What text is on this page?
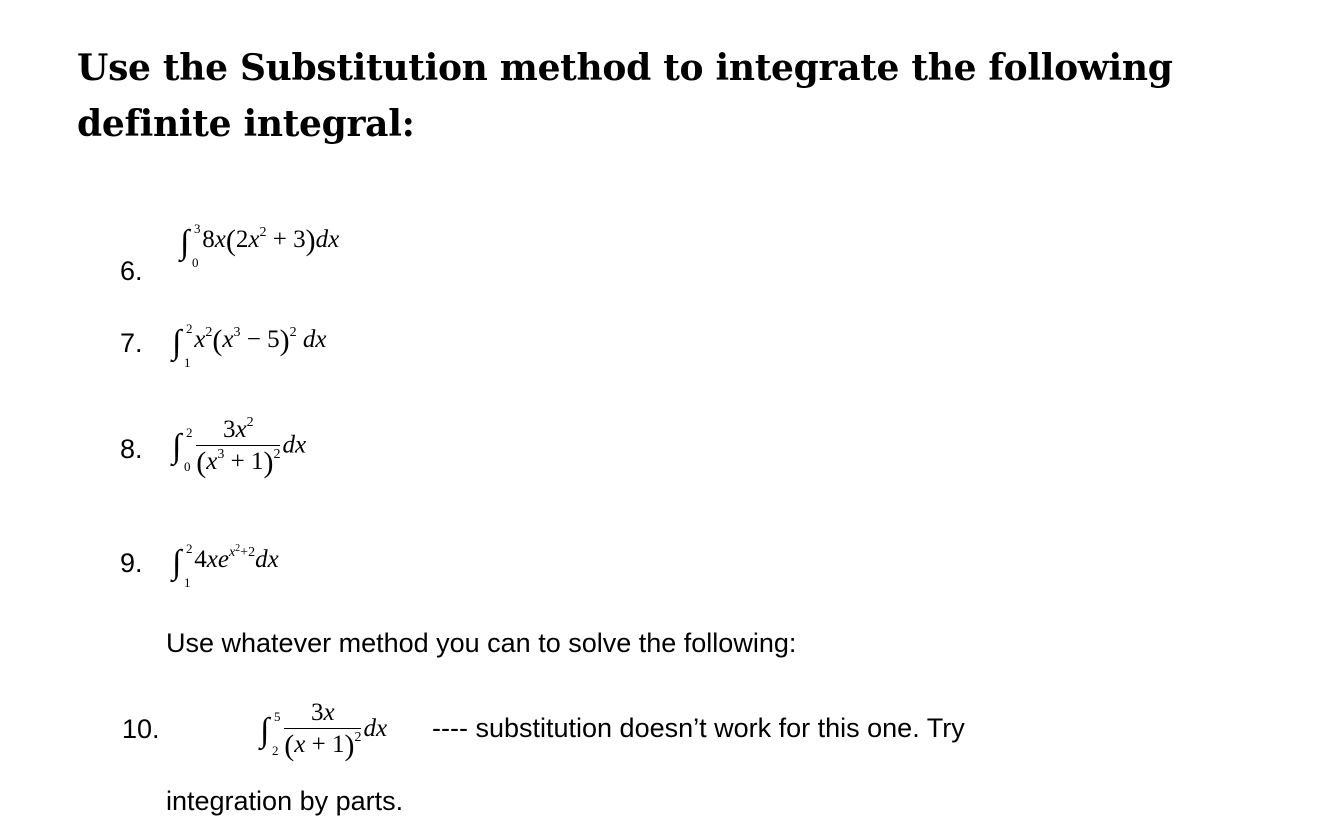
Use the Substitution method to integrate the following definite integral:
6.
∫ 3
0
$8x(2x^2 + 3)dx$
7. ∫ 2
1
$x^2(x^3 - 5)^2$ dx
8. ∫ 2
0
$\frac{3x^2}{(x^3 + 1)^2}$ dx
9. ∫ 2
1
$4xe^{x^2+2}dx$
Use whatever method you can to solve the following:
10.	∫ 5
2
$\frac{3x}{(x + 1)^2}$ dx ---- substitution doesn’t work for this one. Try
integration by parts.
